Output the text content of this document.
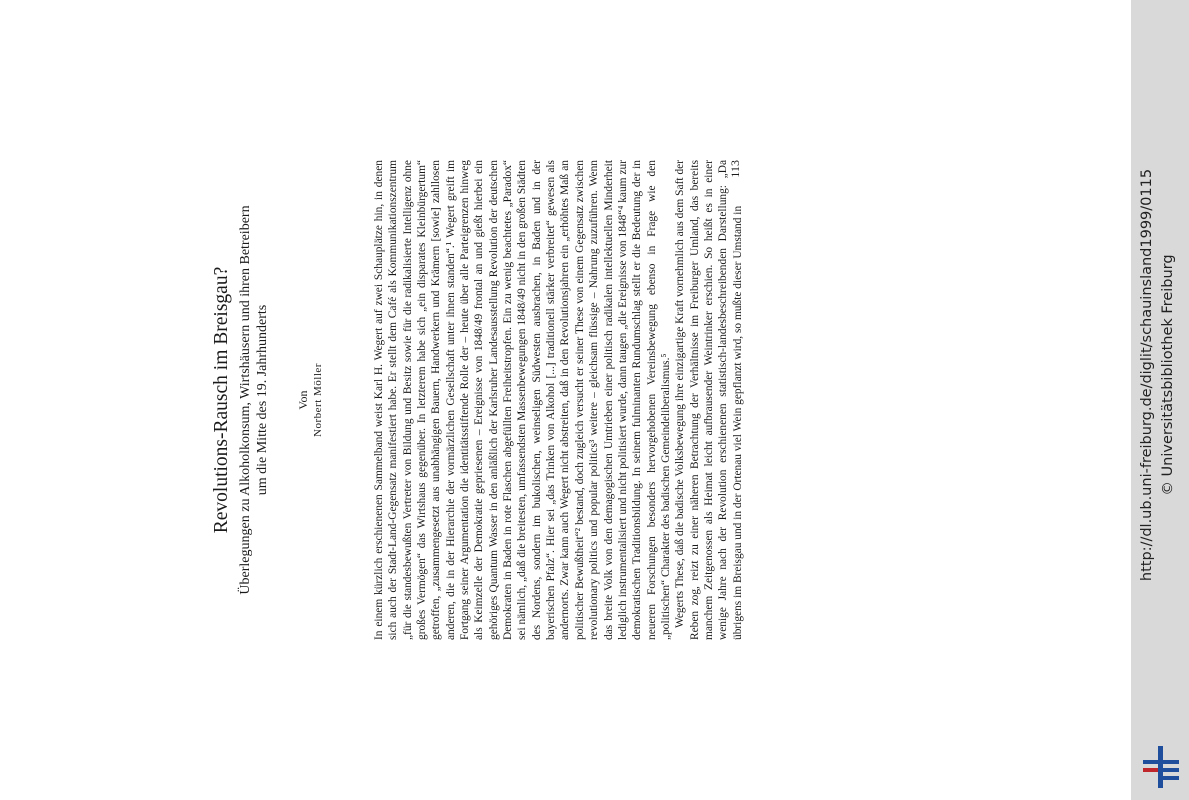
Revolutions-Rausch im Breisgau?
Überlegungen zu Alkoholkonsum, Wirtshäusern und ihren Betreibern
um die Mitte des 19. Jahrhunderts
Von Norbert Möller	In einem kürzlich erschienenen Sammelband weist Karl H. Wegert auf zwei Schauplätze hin, in denen sich auch der Stadt-Land-Gegensatz manifestiert habe. Er stellt dem Café als Kommunikationszentrum „für die standesbewußten Vertreter von Bildung und Besitz sowie für die radikalisierte Intelligenz ohne großes Vermögen“ das Wirtshaus gegenüber. In letzterem habe sich „ein disparates Kleinbürgertum“ getroffen, „zusammengesetzt aus unabhängigen Bauern, Handwerkern und Krämern [sowie] zahllosen anderen, die in der Hierarchie der vormärzlichen Gesellschaft unter ihnen standen“.¹ Wegert greift im Fortgang seiner Argumentation die identitätsstiftende Rolle der – heute über alle Parteigrenzen hinweg als Keimzelle der Demokratie gepriesenen – Ereignisse von 1848/49 frontal an und gießt hierbei ein gehöriges Quantum Wasser in den anläßlich der Karlsruher Landesausstellung Revolution der deutschen Demokraten in Baden in rote Flaschen abgefüllten Freiheitstropfen. Ein zu wenig beachtetes „Paradox“ sei nämlich, „daß die breitesten, umfassendsten Massenbewegungen 1848/49 nicht in den großen Städten des Nordens, sondern im bukolischen, weinseligen Südwesten ausbrachen, in Baden und in der bayerischen Pfalz“. Hier sei „das Trinken von Alkohol [...] traditionell stärker verbreitet“ gewesen als andernorts. Zwar kann auch Wegert nicht abstreiten, daß in den Revolutionsjahren ein „erhöhtes Maß an politischer Bewußtheit“² bestand, doch zugleich versucht er seiner These von einem Gegensatz zwischen revolutionary politics und popular politics³ weitere – gleichsam flüssige – Nahrung zuzuführen. Wenn das breite Volk von den demagogischen Umtrieben einer politisch radikalen intellektuellen Minderheit lediglich instrumentalisiert und nicht politisiert wurde, dann taugen „die Ereignisse von 1848“⁴ kaum zur demokratischen Traditionsbildung. In seinem fulminanten Rundumschlag stellt er die Bedeutung der in neueren Forschungen besonders hervorgehobenen Vereinsbewegung ebenso in Frage wie den „politischen“ Charakter des badischen Gemeindeliberalismus.⁵ Wegerts These, daß die badische Volksbewegung ihre einzigartige Kraft vornehmlich aus dem Saft der Reben zog, reizt zu einer näheren Betrachtung der Verhältnisse im Freiburger Umland, das bereits manchem Zeitgenossen als Heimat leicht aufbrausender Weintrinker erschien. So heißt es in einer wenige Jahre nach der Revolution erschienenen statistisch-landesbeschreibenden Darstellung: „Da übrigens im Breisgau und in der Ortenau viel Wein gepflanzt wird, so mußte dieser Umstand in

113
http://dl.ub.uni-freiburg.de/diglit/schauinsland1999/0115 © Universitätsbibliothek Freiburg
